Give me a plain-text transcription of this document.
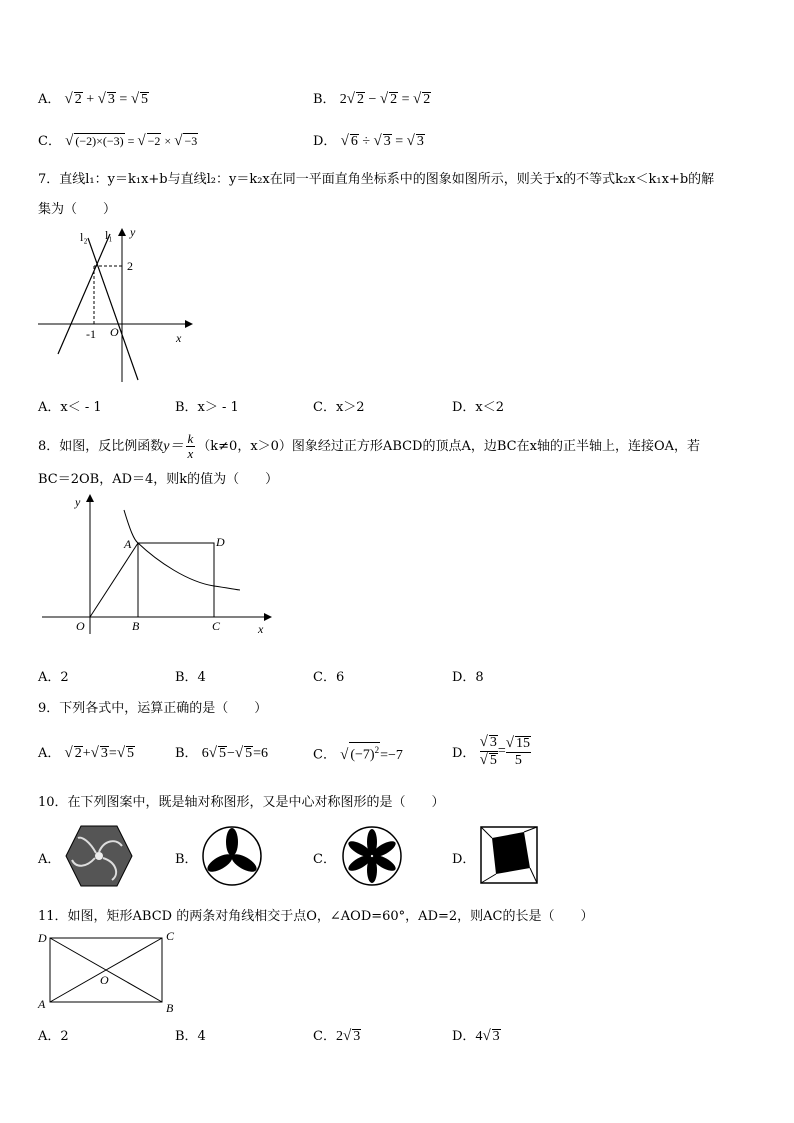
A． √ 2 + √ 3 = √ 5	B． 2√ 2 − √ 2 = √ 2
C． √ (−2)×(−3) = √ −2 × √ −3	D． √ 6 ÷ √ 3 = √ 3
7．直线l₁：y＝k₁x+b与直线l₂：y＝k₂x在同一平面直角坐标系中的图象如图所示，则关于x的不等式k₂x＜k₁x+b的解
集为（　　）
l₂ l₁ y
2
-1 O	x
A．x＜ - 1	B．x＞ - 1	C．x＞2	D．x＜2
8．如图，反比例函数$y= \frac{k}{x} (k\ne 0$，x＞0）图象经过正方形ABCD的顶点A，边BC在x轴的正半轴上，连接OA，若
BC＝2OB，AD＝4，则k的值为（　　）
y
A	D
O	B	C	x
A．2	B．4	C．6	D．8
9．下列各式中，运算正确的是（　　）
A． √ 2+√ 3=√ 5	B． 6√ 5−√ 5=6	C． √ $(-7)^2=-7$	D． $\frac{√ 3}{√ 5} = \frac{√ 15}{5}$
10．在下列图案中，既是轴对称图形，又是中心对称图形的是（　　）
A．	B．	C．	D．
11．如图，矩形ABCD 的两条对角线相交于点O，∠AOD=60°，AD=2，则AC的长是（　　）
D	C
A	B
O
A．2	B．4	C．2√ 3	D．4√ 3
